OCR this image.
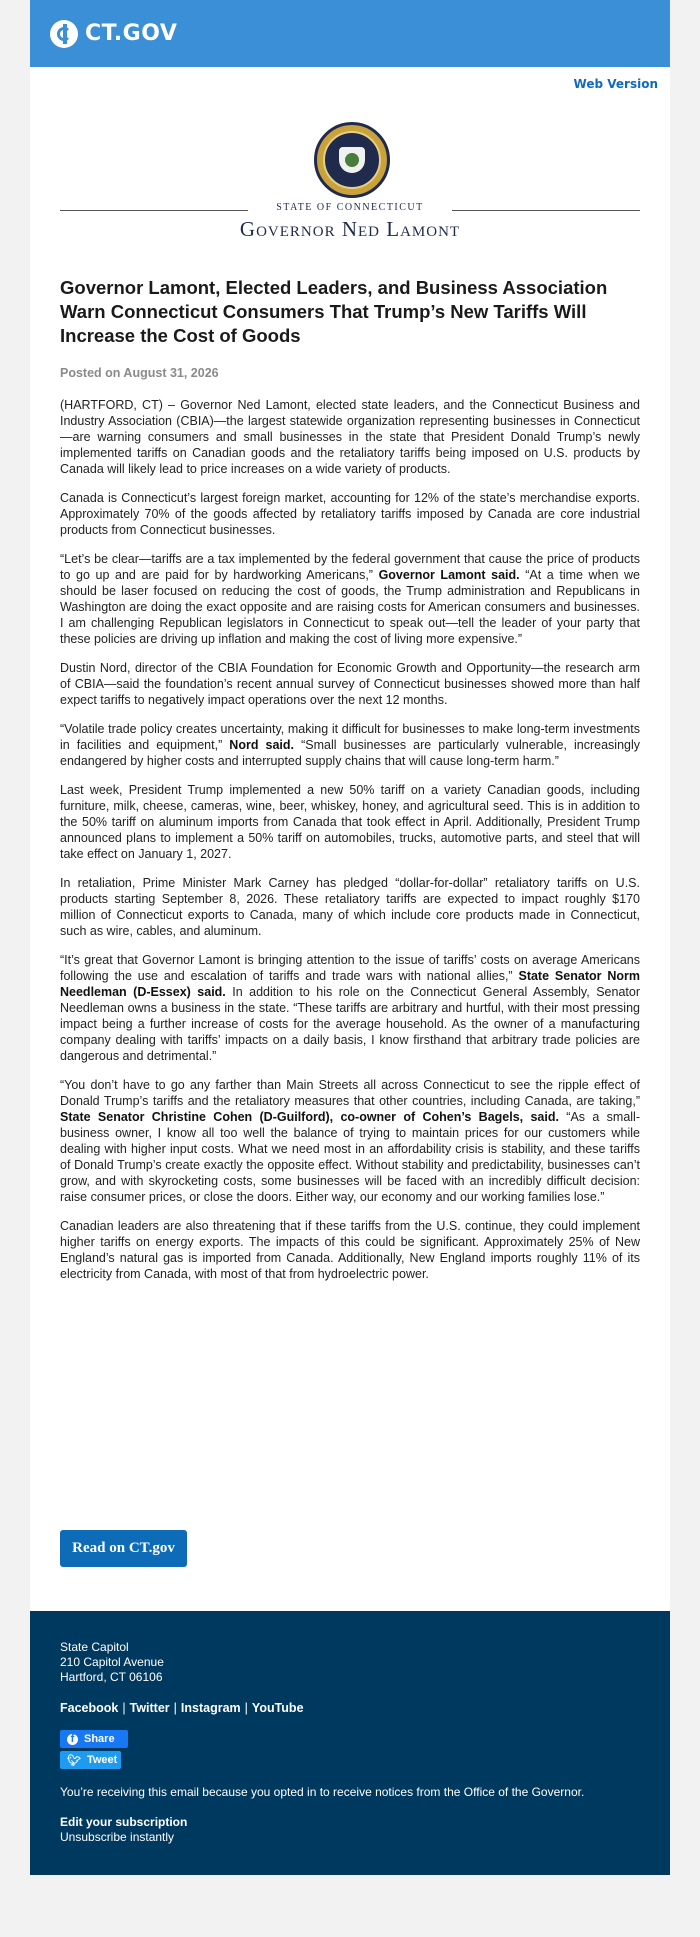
CT.GOV
Web Version
STATE OF CONNECTICUT
Governor Ned Lamont
Governor Lamont, Elected Leaders, and Business Association Warn Connecticut Consumers That Trump’s New Tariffs Will Increase the Cost of Goods
Posted on August 31, 2026

(HARTFORD, CT) – Governor Ned Lamont, elected state leaders, and the Connecticut Business and Industry Association (CBIA)—the largest statewide organization representing businesses in Connecticut—are warning consumers and small businesses in the state that President Donald Trump’s newly implemented tariffs on Canadian goods and the retaliatory tariffs being imposed on U.S. products by Canada will likely lead to price increases on a wide variety of products.

Canada is Connecticut’s largest foreign market, accounting for 12% of the state’s merchandise exports. Approximately 70% of the goods affected by retaliatory tariffs imposed by Canada are core industrial products from Connecticut businesses.

“Let’s be clear—tariffs are a tax implemented by the federal government that cause the price of products to go up and are paid for by hardworking Americans,” Governor Lamont said. “At a time when we should be laser focused on reducing the cost of goods, the Trump administration and Republicans in Washington are doing the exact opposite and are raising costs for American consumers and businesses. I am challenging Republican legislators in Connecticut to speak out—tell the leader of your party that these policies are driving up inflation and making the cost of living more expensive.”

Dustin Nord, director of the CBIA Foundation for Economic Growth and Opportunity—the research arm of CBIA—said the foundation’s recent annual survey of Connecticut businesses showed more than half expect tariffs to negatively impact operations over the next 12 months.

“Volatile trade policy creates uncertainty, making it difficult for businesses to make long-term investments in facilities and equipment,” Nord said. “Small businesses are particularly vulnerable, increasingly endangered by higher costs and interrupted supply chains that will cause long-term harm.”

Last week, President Trump implemented a new 50% tariff on a variety Canadian goods, including furniture, milk, cheese, cameras, wine, beer, whiskey, honey, and agricultural seed. This is in addition to the 50% tariff on aluminum imports from Canada that took effect in April. Additionally, President Trump announced plans to implement a 50% tariff on automobiles, trucks, automotive parts, and steel that will take effect on January 1, 2027.

In retaliation, Prime Minister Mark Carney has pledged “dollar-for-dollar” retaliatory tariffs on U.S. products starting September 8, 2026. These retaliatory tariffs are expected to impact roughly $170 million of Connecticut exports to Canada, many of which include core products made in Connecticut, such as wire, cables, and aluminum.

“It’s great that Governor Lamont is bringing attention to the issue of tariffs’ costs on average Americans following the use and escalation of tariffs and trade wars with national allies,” State Senator Norm Needleman (D-Essex) said. In addition to his role on the Connecticut General Assembly, Senator Needleman owns a business in the state. “These tariffs are arbitrary and hurtful, with their most pressing impact being a further increase of costs for the average household. As the owner of a manufacturing company dealing with tariffs’ impacts on a daily basis, I know firsthand that arbitrary trade policies are dangerous and detrimental.”

“You don’t have to go any farther than Main Streets all across Connecticut to see the ripple effect of Donald Trump’s tariffs and the retaliatory measures that other countries, including Canada, are taking,” State Senator Christine Cohen (D-Guilford), co-owner of Cohen’s Bagels, said. “As a small-business owner, I know all too well the balance of trying to maintain prices for our customers while dealing with higher input costs. What we need most in an affordability crisis is stability, and these tariffs of Donald Trump’s create exactly the opposite effect. Without stability and predictability, businesses can’t grow, and with skyrocketing costs, some businesses will be faced with an incredibly difficult decision: raise consumer prices, or close the doors. Either way, our economy and our working families lose.”

Canadian leaders are also threatening that if these tariffs from the U.S. continue, they could implement higher tariffs on energy exports. The impacts of this could be significant. Approximately 25% of New England’s natural gas is imported from Canada. Additionally, New England imports roughly 11% of its electricity from Canada, with most of that from hydroelectric power.

Read on CT.gov
State Capitol
210 Capitol Avenue
Hartford, CT 06106
Facebook | Twitter | Instagram | YouTube
f Share
🐦︎ Tweet
You’re receiving this email because you opted in to receive notices from the Office of the Governor.
Edit your subscription
Unsubscribe instantly
